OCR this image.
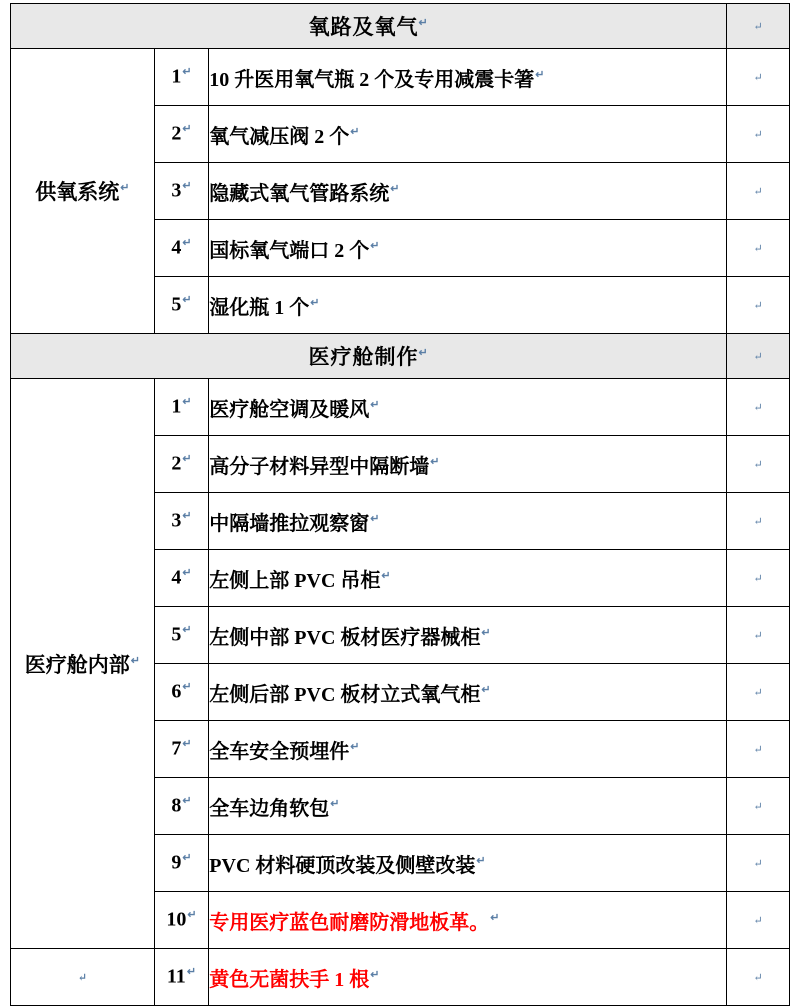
氧路及氧气↵			↵
供氧系统↵	1↵	10 升医用氧气瓶 2 个及专用减震卡箸↵	↵
	2↵	氧气减压阀 2 个↵	↵
	3↵	隐藏式氧气管路系统↵	↵
	4↵	国标氧气端口 2 个↵	↵
	5↵	湿化瓶 1 个↵	↵
医疗舱制作↵			↵
医疗舱内部↵	1↵	医疗舱空调及暖风↵	↵
	2↵	高分子材料异型中隔断墙↵	↵
	3↵	中隔墙推拉观察窗↵	↵
	4↵	左侧上部 PVC 吊柜↵	↵
	5↵	左侧中部 PVC 板材医疗器械柜↵	↵
	6↵	左侧后部 PVC 板材立式氧气柜↵	↵
	7↵	全车安全预埋件↵	↵
	8↵	全车边角软包↵	↵
	9↵	PVC 材料硬顶改装及侧壁改装↵	↵
	10↵	专用医疗蓝色耐磨防滑地板革。↵	↵
↵	11↵	黄色无菌扶手 1 根↵	↵
